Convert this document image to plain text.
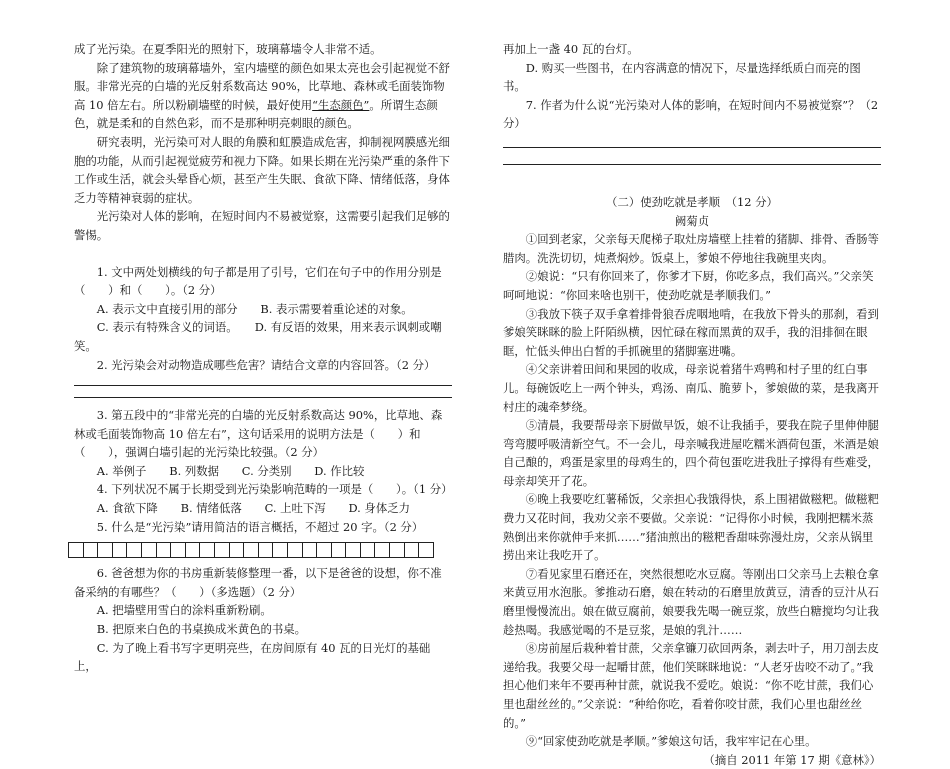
成了光污染。在夏季阳光的照射下，玻璃幕墙令人非常不适。

除了建筑物的玻璃幕墙外，室内墙壁的颜色如果太亮也会引起视觉不舒服。非常光亮的白墙的光反射系数高达 90%，比草地、森林或毛面装饰物高 10 倍左右。所以粉刷墙壁的时候，最好使用“生态颜色”。所谓生态颜色，就是柔和的自然色彩，而不是那种明亮刺眼的颜色。

研究表明，光污染可对人眼的角膜和虹膜造成危害，抑制视网膜感光细胞的功能，从而引起视觉疲劳和视力下降。如果长期在光污染严重的条件下工作或生活，就会头晕昏心烦，甚至产生失眠、食欲下降、情绪低落，身体乏力等精神衰弱的症状。

光污染对人体的影响，在短时间内不易被觉察，这需要引起我们足够的警惕。

1. 文中两处划横线的句子都是用了引号，它们在句子中的作用分别是（　　）和（　　）。（2 分）

A. 表示文中直接引用的部分　　B. 表示需要着重论述的对象。

C. 表示有特殊含义的词语。　　D. 有反语的效果，用来表示讽刺或嘲笑。

2. 光污染会对动物造成哪些危害？请结合文章的内容回答。（2 分）

3. 第五段中的“非常光亮的白墙的光反射系数高达 90%，比草地、森林或毛面装饰物高 10 倍左右”，这句话采用的说明方法是（　　）和（　　），强调白墙引起的光污染比较强。（2 分）

A. 举例子　　B. 列数据　　C. 分类别　　D. 作比较

4. 下列状况不属于长期受到光污染影响范畴的一项是（　　）。（1 分）

A. 食欲下降　　B. 情绪低落　　C. 上吐下泻　　D. 身体乏力

5. 什么是“光污染”请用简洁的语言概括，不超过 20 字。（2 分）

6. 爸爸想为你的书房重新装修整理一番，以下是爸爸的设想，你不准备采纳的有哪些？（　　）（多选题）（2 分）

A. 把墙壁用雪白的涂料重新粉刷。

B. 把原来白色的书桌换成米黄色的书桌。

C. 为了晚上看书写字更明亮些，在房间原有 40 瓦的日光灯的基础上，

再加上一盏 40 瓦的台灯。

D. 购买一些图书，在内容满意的情况下，尽量选择纸质白而亮的图书。

7. 作者为什么说“光污染对人体的影响，在短时间内不易被觉察”？（2 分）

（二）使劲吃就是孝顺　（12 分）

阙菊贞

①回到老家，父亲每天爬梯子取灶房墙壁上挂着的猪脚、排骨、香肠等腊肉。洗洗切切，炖煮焖炒。饭桌上，爹娘不停地往我碗里夹肉。

②娘说：“只有你回来了，你爹才下厨，你吃多点，我们高兴。”父亲笑呵呵地说：“你回来啥也别干，使劲吃就是孝顺我们。”

③我放下筷子双手拿着排骨狼吞虎咽地啃，在我放下骨头的那刹，看到爹娘笑眯眯的脸上阡陌纵横，因忙碌在稼而黑黄的双手，我的泪排徊在眼眶，忙低头伸出白皙的手抓碗里的猪脚塞进嘴。

④父亲讲着田间和果园的收成，母亲说着猪牛鸡鸭和村子里的红白事儿。每碗饭吃上一两个钟头，鸡汤、南瓜、脆萝卜，爹娘做的菜，是我离开村庄的魂牵梦绕。

⑤清晨，我要帮母亲下厨做早饭，娘不让我插手，要我在院子里伸伸腿弯弯腰呼吸清新空气。不一会儿，母亲喊我进屋吃糯米酒荷包蛋，米酒是娘自己酿的，鸡蛋是家里的母鸡生的，四个荷包蛋吃进我肚子撑得有些难受，母亲却笑开了花。

⑥晚上我要吃红薯稀饭，父亲担心我饿得快，系上围裙做糍粑。做糍粑费力又花时间，我劝父亲不要做。父亲说：“记得你小时候，我刚把糯米蒸熟倒出来你就伸手来抓……”猪油煎出的糍粑香甜味弥漫灶房，父亲从锅里捞出来让我吃开了。

⑦看见家里石磨还在，突然很想吃水豆腐。等刚出口父亲马上去粮仓拿来黄豆用水泡胀。爹推动石磨，娘在转动的石磨里放黄豆，清香的豆汁从石磨里慢慢流出。娘在做豆腐前，娘要我先喝一碗豆浆，放些白糖搅均匀让我趁热喝。我感觉喝的不是豆浆，是娘的乳汁……

⑧房前屋后栽种着甘蔗，父亲拿镰刀砍回两条，剥去叶子，用刀剖去皮递给我。我要父母一起嚼甘蔗，他们笑眯眯地说：“人老牙齿咬不动了。”我担心他们来年不要再种甘蔗，就说我不爱吃。娘说：“你不吃甘蔗，我们心里也甜丝丝的。”父亲说：“种给你吃，看着你咬甘蔗，我们心里也甜丝丝的。”

⑨“回家使劲吃就是孝顺。”爹娘这句话，我牢牢记在心里。

（摘自 2011 年第 17 期《意林》）
